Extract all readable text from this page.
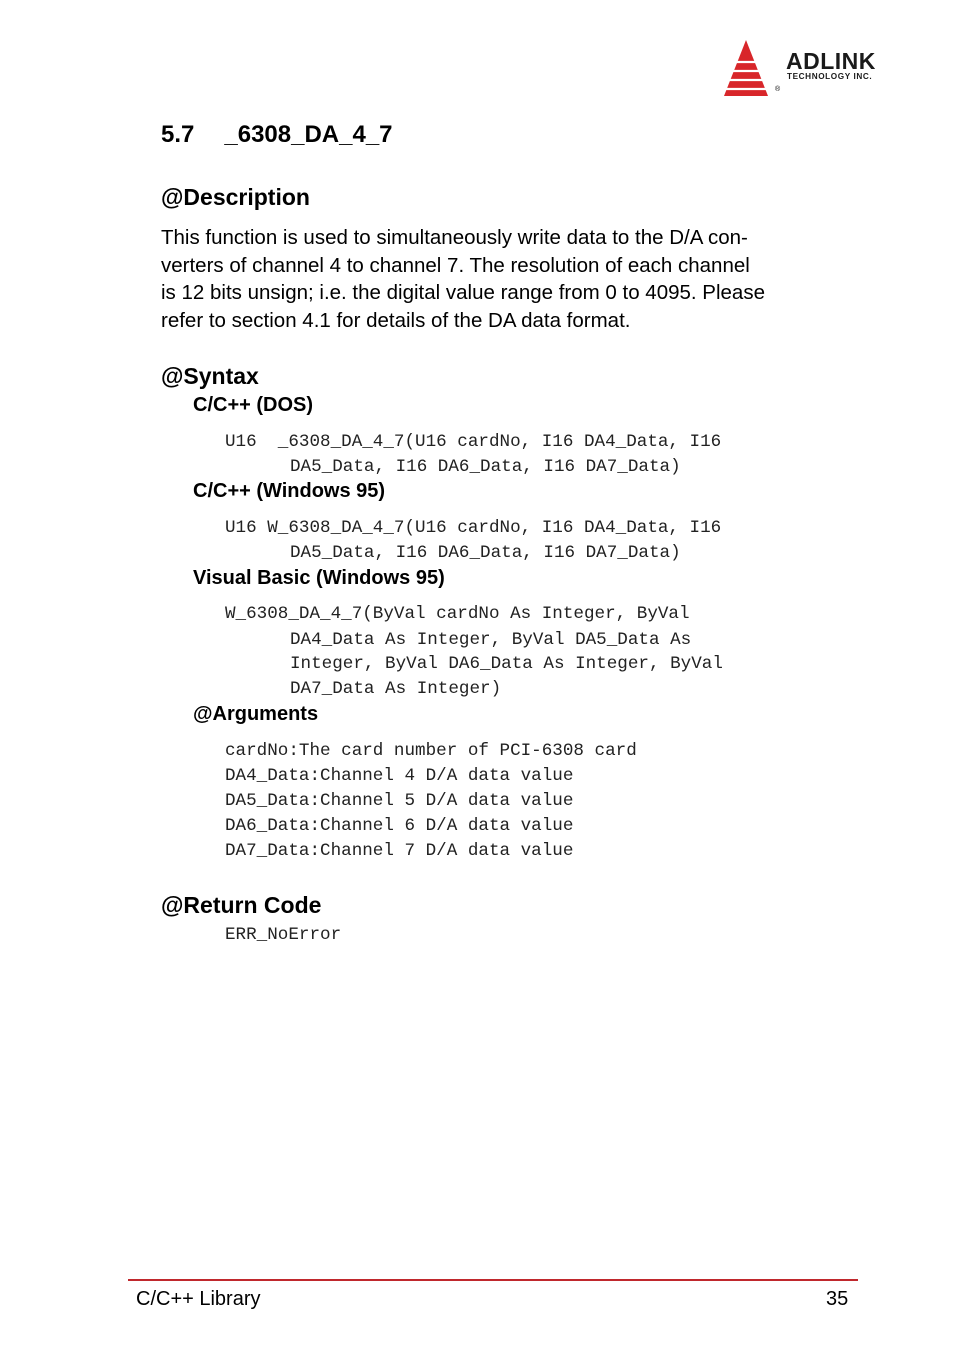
®
ADLINK
TECHNOLOGY INC.
5.7 _6308_DA_4_7
@Description
This function is used to simultaneously write data to the D/A con-
verters of channel 4 to channel 7. The resolution of each channel
is 12 bits unsign; i.e. the digital value range from 0 to 4095. Please
refer to section 4.1 for details of the DA data format.
@Syntax
C/C++ (DOS)
U16  _6308_DA_4_7(U16 cardNo, I16 DA4_Data, I16
DA5_Data, I16 DA6_Data, I16 DA7_Data)
C/C++ (Windows 95)
U16 W_6308_DA_4_7(U16 cardNo, I16 DA4_Data, I16
DA5_Data, I16 DA6_Data, I16 DA7_Data)
Visual Basic (Windows 95)
W_6308_DA_4_7(ByVal cardNo As Integer, ByVal
DA4_Data As Integer, ByVal DA5_Data As
Integer, ByVal DA6_Data As Integer, ByVal
DA7_Data As Integer)
@Arguments
cardNo:The card number of PCI-6308 card
DA4_Data:Channel 4 D/A data value
DA5_Data:Channel 5 D/A data value
DA6_Data:Channel 6 D/A data value
DA7_Data:Channel 7 D/A data value
@Return Code
ERR_NoError
C/C++ Library	35
